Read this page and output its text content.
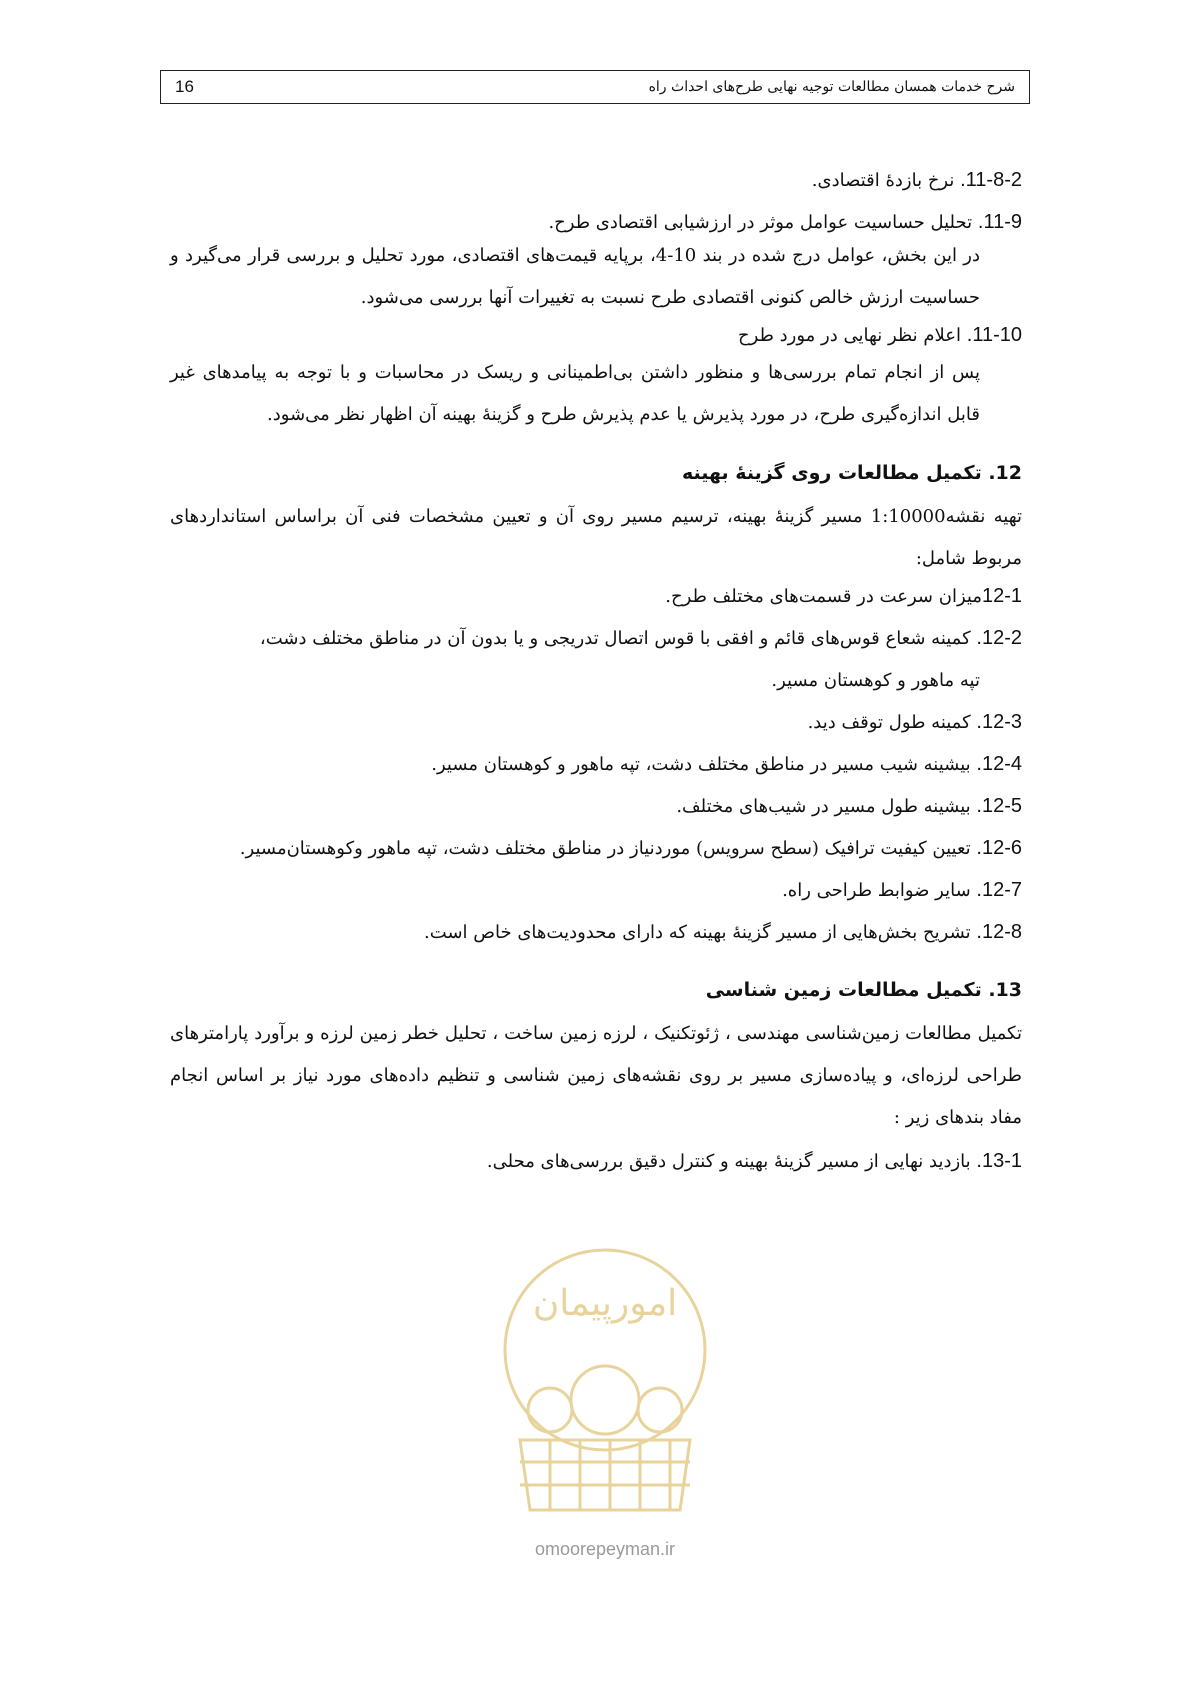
16	شرح خدمات همسان مطالعات توجیه نهایی طرح‌های احداث راه

11-8-2. نرخ بازدهٔ اقتصادی.

11-9. تحلیل حساسیت عوامل موثر در ارزشیابی اقتصادی طرح.

در این بخش، عوامل درج شده در بند 10-4، برپایه قیمت‌های اقتصادی، مورد تحلیل و بررسی قرار می‌گیرد و حساسیت ارزش خالص کنونی اقتصادی طرح نسبت به تغییرات آنها بررسی می‌شود.

11-10. اعلام نظر نهایی در مورد طرح

پس از انجام تمام بررسی‌ها و منظور داشتن بی‌اطمینانی و ریسک در محاسبات و با توجه به پیامدهای غیر قابل اندازه‌گیری طرح، در مورد پذیرش یا عدم پذیرش طرح و گزینهٔ بهینه آن اظهار نظر می‌شود.

12. تکمیل مطالعات روی گزینهٔ بهینه

تهیه نقشه1:10000 مسیر گزینهٔ بهینه، ترسیم مسیر روی آن و تعیین مشخصات فنی آن براساس استانداردهای مربوط شامل:

12-1میزان سرعت در قسمت‌های مختلف طرح.

12-2. کمینه شعاع قوس‌های قائم و افقی با قوس اتصال تدریجی و یا بدون آن در مناطق مختلف دشت،
تپه ماهور و کوهستان مسیر.

12-3. کمینه طول توقف دید.

12-4. بیشینه شیب مسیر در مناطق مختلف دشت، تپه ماهور و کوهستان مسیر.

12-5. بیشینه طول مسیر در شیب‌های مختلف.

12-6. تعیین کیفیت ترافیک (سطح سرویس) موردنیاز در مناطق مختلف دشت، تپه ماهور وکوهستان‌مسیر.

12-7. سایر ضوابط طراحی راه.

12-8. تشریح بخش‌هایی از مسیر گزینهٔ بهینه که دارای محدودیت‌های خاص است.

13. تکمیل مطالعات زمین شناسی

تکمیل مطالعات زمین‌شناسی مهندسی ، ژئوتکنیک ، لرزه زمین ساخت ، تحلیل خطر زمین لرزه و برآورد پارامترهای طراحی لرزه‌ای، و پیاده‌سازی مسیر بر روی نقشه‌های زمین شناسی و تنظیم داده‌های مورد نیاز بر اساس انجام مفاد بندهای زیر :

13-1. بازدید نهایی از مسیر گزینهٔ بهینه و کنترل دقیق بررسی‌های محلی.

امورپیمان
omoorepeyman.ir
